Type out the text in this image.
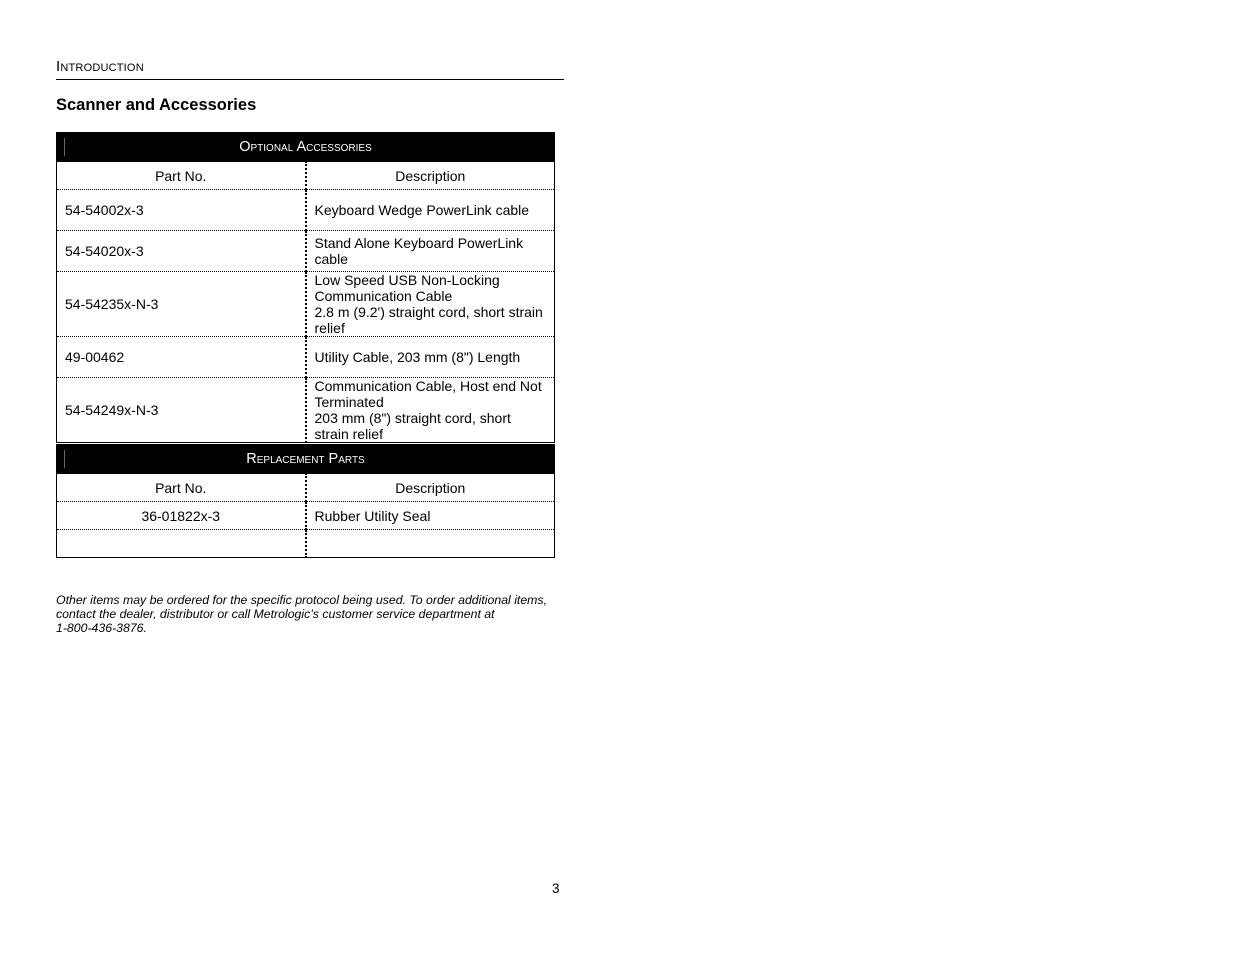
Introduction
Scanner and Accessories
Optional Accessories	
Part No.	Description
54-54002x-3	Keyboard Wedge PowerLink cable

54-54020x-3	Stand Alone Keyboard PowerLink cable

54-54235x-N-3	Low Speed USB Non-Locking Communication Cable
2.8 m (9.2') straight cord, short strain relief

49-00462	Utility Cable, 203 mm (8") Length

54-54249x-N-3	Communication Cable, Host end Not Terminated
203 mm (8") straight cord, short strain relief
Replacement Parts	
Part No.	Description
36-01822x-3	Rubber Utility Seal

Other items may be ordered for the specific protocol being used. To order additional items,
contact the dealer, distributor or call Metrologic’s customer service department at
1-800-436-3876.

3
